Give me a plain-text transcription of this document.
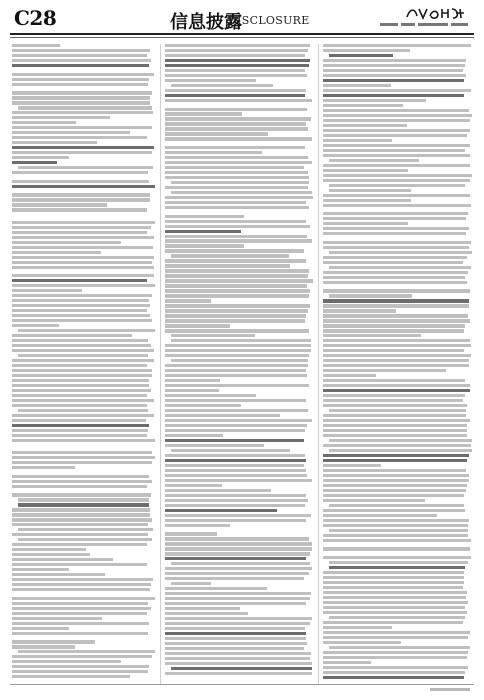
C28	信息披露
DISCLOSURE
